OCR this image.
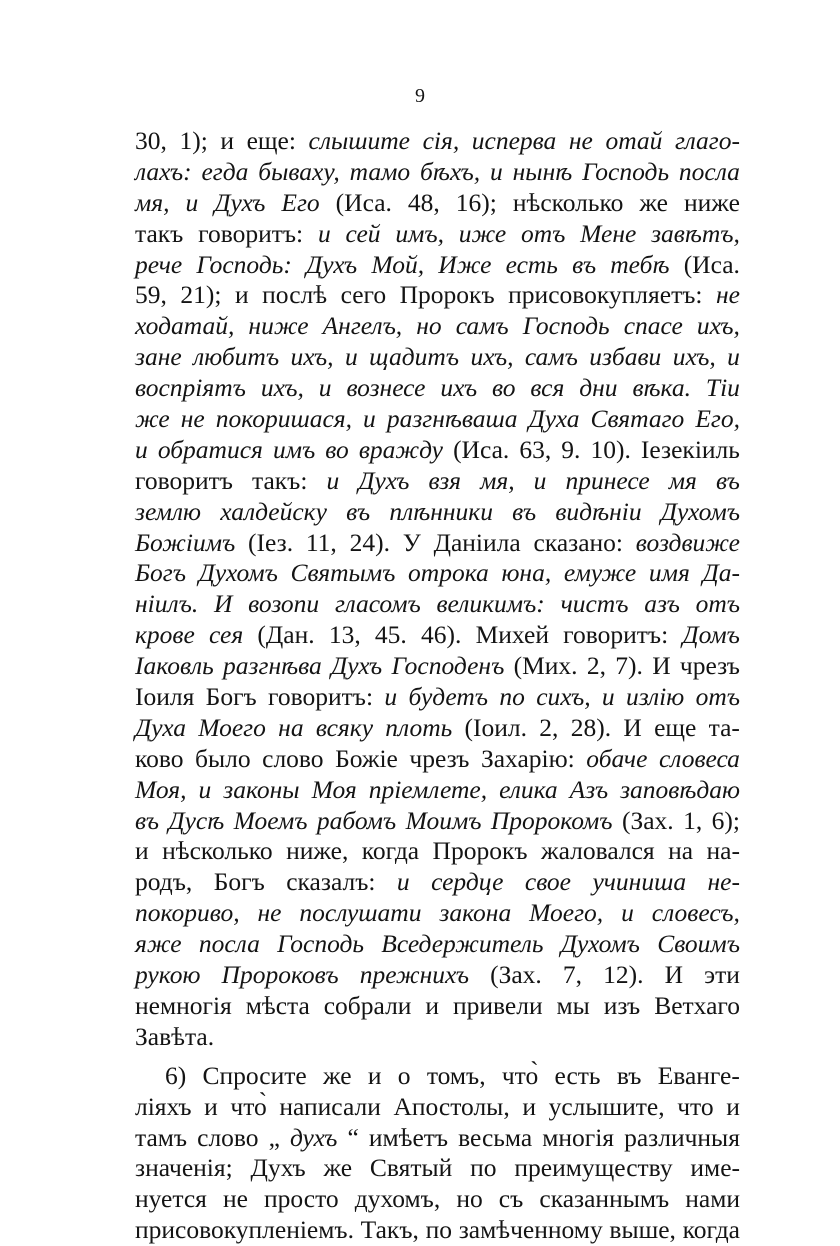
9
30, 1); и еще: слышите сія, исперва не отай глаго-
лахъ: егда бываху, тамо бѣхъ, и нынѣ Господь посла
мя, и Духъ Его (Иса. 48, 16); нѣсколько же ниже
такъ говоритъ: и сей имъ, иже отъ Мене завѣтъ,
рече Господь: Духъ Мой, Иже есть въ тебѣ (Иса.
59, 21); и послѣ сего Пророкъ присовокупляетъ: не
ходатай, ниже Ангелъ, но самъ Господь спасе ихъ,
зане любитъ ихъ, и щадитъ ихъ, самъ избави ихъ, и
воспріятъ ихъ, и вознесе ихъ во вся дни вѣка. Тіи
же не покоришася, и разгнѣваша Духа Святаго Его,
и обратися имъ во вражду (Иса. 63, 9. 10). Іезекіиль
говоритъ такъ: и Духъ взя мя, и принесе мя въ
землю халдейску въ плѣнники въ видѣніи Духомъ
Божіимъ (Іез. 11, 24). У Даніила сказано: воздвиже
Богъ Духомъ Святымъ отрока юна, емуже имя Да-
ніилъ. И возопи гласомъ великимъ: чистъ азъ отъ
крове сея (Дан. 13, 45. 46). Михей говоритъ: Домъ
Іаковль разгнѣва Духъ Господенъ (Мих. 2, 7). И чрезъ
Іоиля Богъ говоритъ: и будетъ по сихъ, и излію отъ
Духа Моего на всяку плоть (Іоил. 2, 28). И еще та-
ково было слово Божіе чрезъ Захарію: обаче словеса
Моя, и законы Моя пріемлете, елика Азъ заповѣдаю
въ Дусѣ Моемъ рабомъ Моимъ Пророкомъ (Зах. 1, 6);
и нѣсколько ниже, когда Пророкъ жаловался на на-
родъ, Богъ сказалъ: и сердце свое учиниша не-
покориво, не послушати закона Моего, и словесъ,
яже посла Господь Вседержитель Духомъ Своимъ
рукою Пророковъ прежнихъ (Зах. 7, 12). И эти
немногія мѣста собрали и привели мы изъ Ветхаго
Завѣта.
6) Спросите же и о томъ, что̀ есть въ Еванге-
ліяхъ и что̀ написали Апостолы, и услышите, что и
тамъ слово „ духъ “ имѣетъ весьма многія различныя
значенія; Духъ же Святый по преимуществу име-
нуется не просто духомъ, но съ сказаннымъ нами
присовокупленіемъ. Такъ, по замѣченному выше, когда
